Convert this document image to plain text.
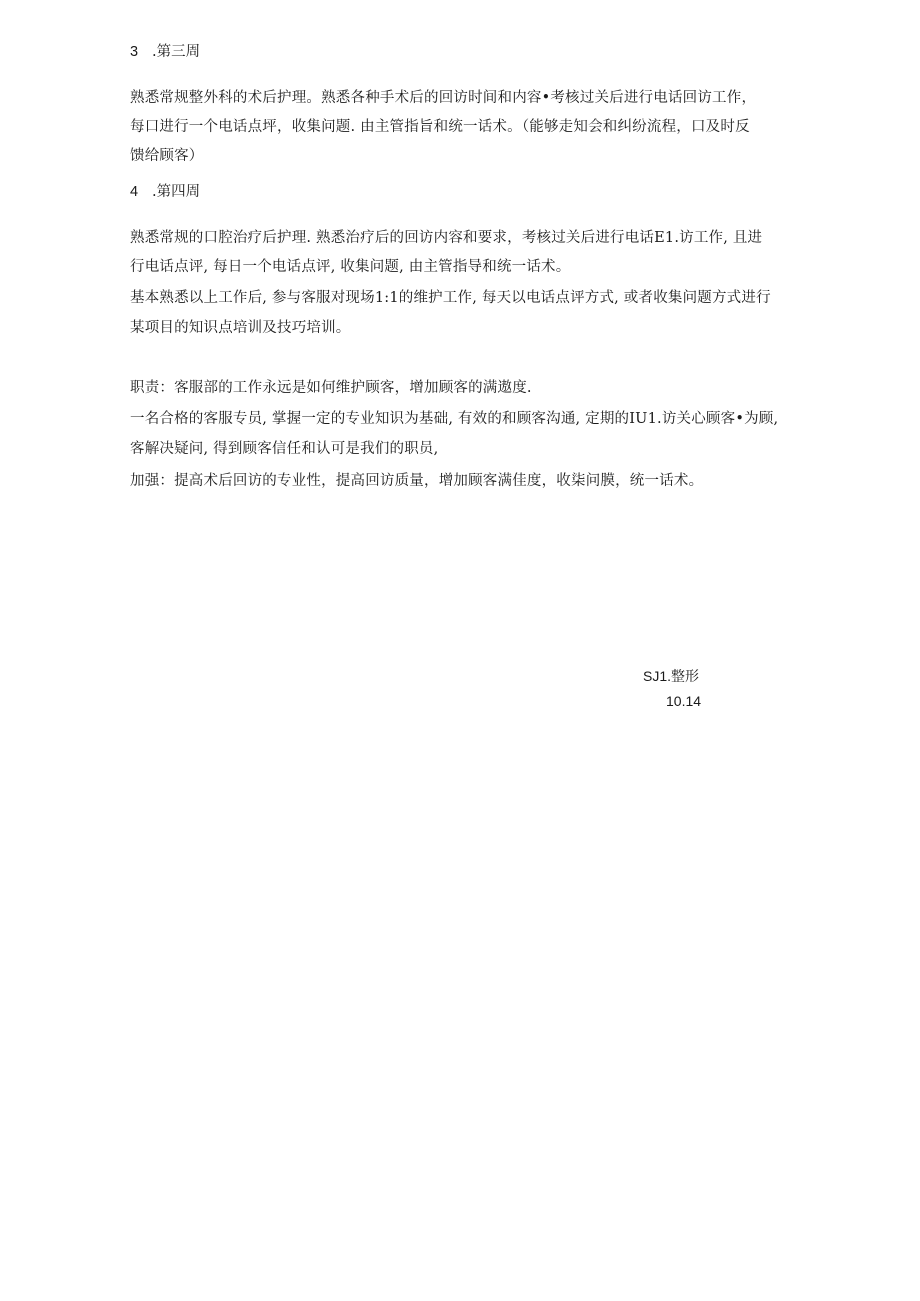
3 .第三周
熟悉常规整外科的术后护理。熟悉各种手术后的回访时间和内容•考核过关后进行电话回访工作，
每口进行一个电话点坪，收集问题. 由主管指旨和统一话术。（能够走知会和纠纷流程，口及时反
馈给顾客）
4 .第四周
熟悉常规的口腔治疗后护理. 熟悉治疗后的回访内容和要求，考核过关后进行电话E1.访工作, 且进
行电话点评, 每日一个电话点评, 收集问题, 由主管指导和统一话术。
基本熟悉以上工作后, 参与客服对现场1:1的维护工作, 每天以电话点评方式, 或者收集问题方式进行
某项目的知识点培训及技巧培训。
职责：客服部的工作永远是如何维护顾客，增加顾客的满遨度.
一名合格的客服专员, 掌握一定的专业知识为基础, 有效的和顾客沟通, 定期的IU1.访关心顾客•为顾,
客解决疑问, 得到顾客信任和认可是我们的职员,
加强：提高术后回访的专业性，提高回访质量，增加顾客满佳度，收柒问膜，统一话术。
SJ1.整形
10.14
